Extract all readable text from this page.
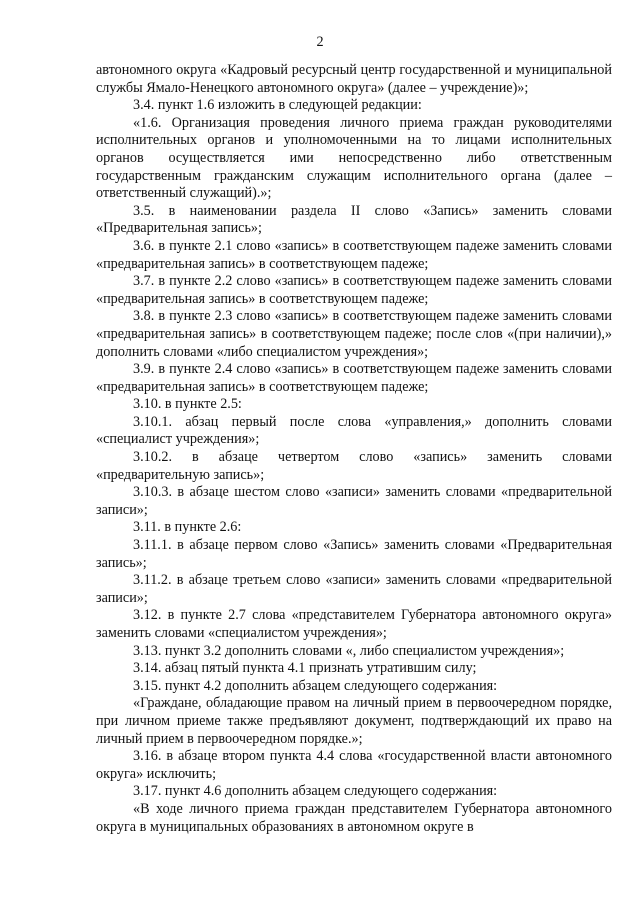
2

автономного округа «Кадровый ресурсный центр государственной и муниципальной службы Ямало-Ненецкого автономного округа» (далее – учреждение)»;

3.4. пункт 1.6 изложить в следующей редакции:

«1.6. Организация проведения личного приема граждан руководителями исполнительных органов и уполномоченными на то лицами исполнительных органов осуществляется ими непосредственно либо ответственным государственным гражданским служащим исполнительного органа (далее – ответственный служащий).»;

3.5. в наименовании раздела II слово «Запись» заменить словами «Предварительная запись»;

3.6. в пункте 2.1 слово «запись» в соответствующем падеже заменить словами «предварительная запись» в соответствующем падеже;

3.7. в пункте 2.2 слово «запись» в соответствующем падеже заменить словами «предварительная запись» в соответствующем падеже;

3.8. в пункте 2.3 слово «запись» в соответствующем падеже заменить словами «предварительная запись» в соответствующем падеже; после слов «(при наличии),» дополнить словами «либо специалистом учреждения»;

3.9. в пункте 2.4 слово «запись» в соответствующем падеже заменить словами «предварительная запись» в соответствующем падеже;

3.10. в пункте 2.5:

3.10.1. абзац первый после слова «управления,» дополнить словами «специалист учреждения»;

3.10.2. в абзаце четвертом слово «запись» заменить словами «предварительную запись»;

3.10.3. в абзаце шестом слово «записи» заменить словами «предварительной записи»;

3.11. в пункте 2.6:

3.11.1. в абзаце первом слово «Запись» заменить словами «Предварительная запись»;

3.11.2. в абзаце третьем слово «записи» заменить словами «предварительной записи»;

3.12. в пункте 2.7 слова «представителем Губернатора автономного округа» заменить словами «специалистом учреждения»;

3.13. пункт 3.2 дополнить словами «, либо специалистом учреждения»;

3.14. абзац пятый пункта 4.1 признать утратившим силу;

3.15. пункт 4.2 дополнить абзацем следующего содержания:

«Граждане, обладающие правом на личный прием в первоочередном порядке, при личном приеме также предъявляют документ, подтверждающий их право на личный прием в первоочередном порядке.»;

3.16. в абзаце втором пункта 4.4 слова «государственной власти автономного округа» исключить;

3.17. пункт 4.6 дополнить абзацем следующего содержания:

«В ходе личного приема граждан представителем Губернатора автономного округа в муниципальных образованиях в автономном округе в
